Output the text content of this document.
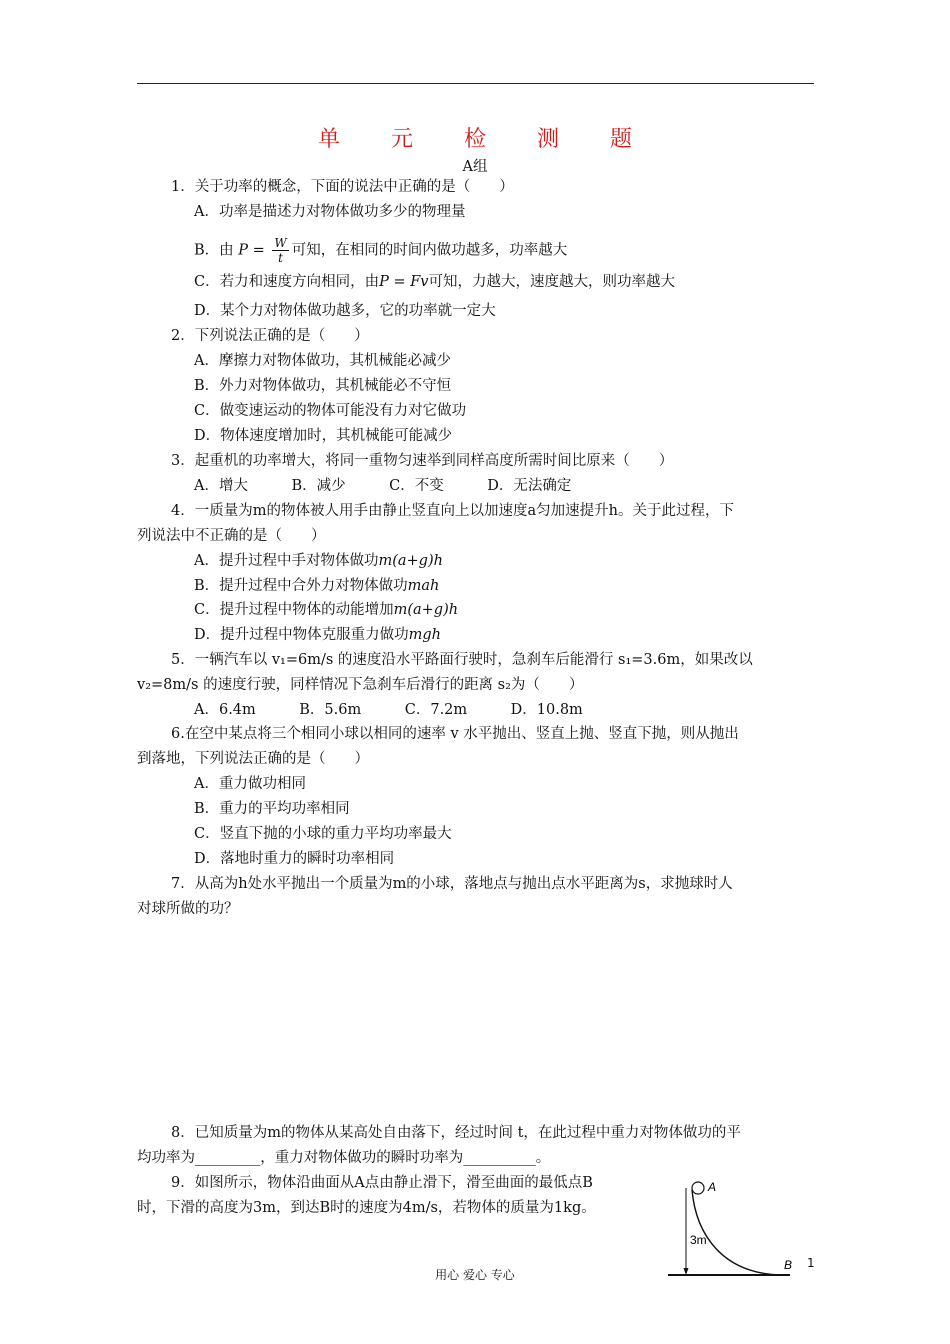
单 元 检 测 题
A组
1．关于功率的概念，下面的说法中正确的是（　　）
A．功率是描述力对物体做功多少的物理量
B．由 $P = \frac{W}{t}$ 可知，在相同的时间内做功越多，功率越大
C．若力和速度方向相同，由P = Fv可知，力越大，速度越大，则功率越大
D．某个力对物体做功越多，它的功率就一定大
2．下列说法正确的是（　　）
A．摩擦力对物体做功，其机械能必减少
B．外力对物体做功，其机械能必不守恒
C．做变速运动的物体可能没有力对它做功
D．物体速度增加时，其机械能可能减少
3．起重机的功率增大，将同一重物匀速举到同样高度所需时间比原来（　　）
A．增大　　　B．减少　　　C．不变　　　D．无法确定
4．一质量为m的物体被人用手由静止竖直向上以加速度a匀加速提升h。关于此过程，下
列说法中不正确的是（　　）
A．提升过程中手对物体做功m(a+g)h
B．提升过程中合外力对物体做功mah
C．提升过程中物体的动能增加m(a+g)h
D．提升过程中物体克服重力做功mgh
5．一辆汽车以 v₁=6m/s 的速度沿水平路面行驶时，急刹车后能滑行 s₁=3.6m，如果改以
v₂=8m/s 的速度行驶，同样情况下急刹车后滑行的距离 s₂为（　　）
A．6.4m　　　B．5.6m　　　C．7.2m　　　D．10.8m
6.在空中某点将三个相同小球以相同的速率 v 水平抛出、竖直上抛、竖直下抛，则从抛出
到落地，下列说法正确的是（　　）
A．重力做功相同
B．重力的平均功率相同
C．竖直下抛的小球的重力平均功率最大
D．落地时重力的瞬时功率相同
7．从高为h处水平抛出一个质量为m的小球，落地点与抛出点水平距离为s，求抛球时人
对球所做的功？
8．已知质量为m的物体从某高处自由落下，经过时间 t，在此过程中重力对物体做功的平
均功率为_________，重力对物体做功的瞬时功率为__________。
9．如图所示，物体沿曲面从A点由静止滑下，滑至曲面的最低点B
时，下滑的高度为3m，到达B时的速度为4m/s，若物体的质量为1kg。
A
3m
B
用心 爱心 专心
1
